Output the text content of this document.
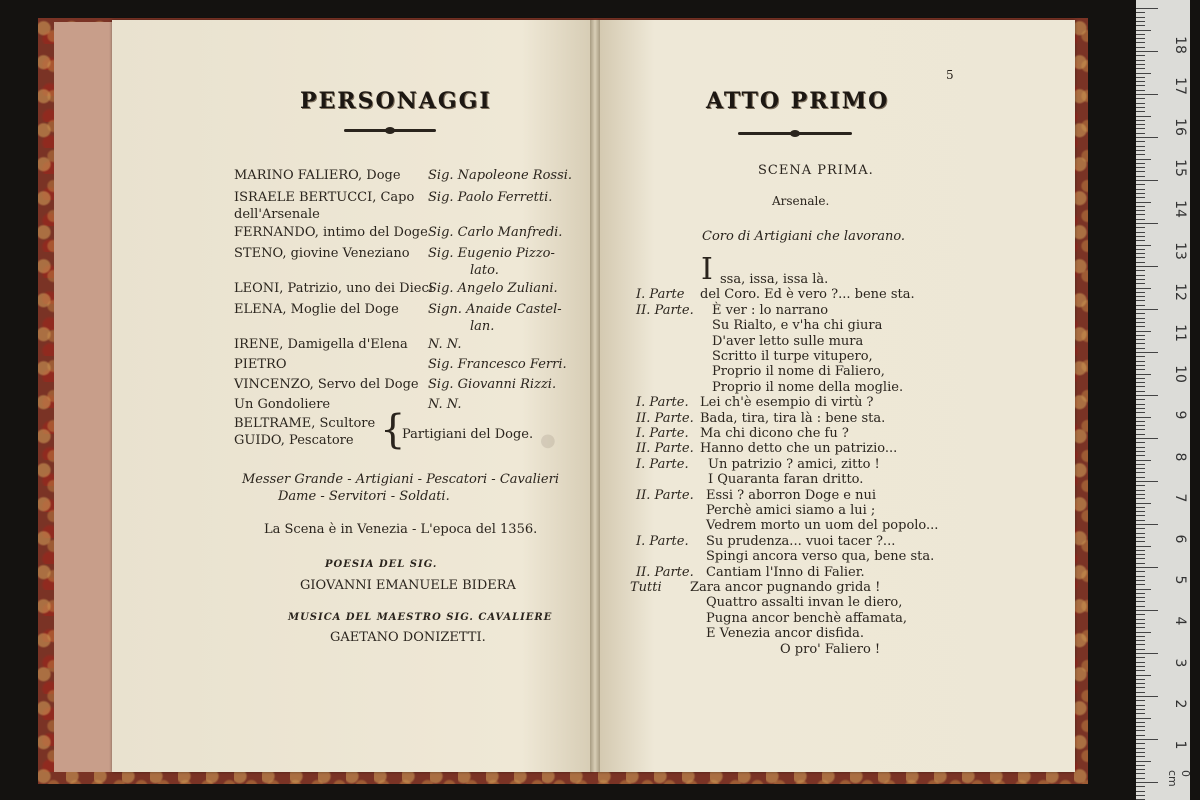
1
2
3
4
5
6
7
8
9
10
11
12
13
14
15
16
17
18
0 cm
PERSONAGGI
MARINO FALIERO, Doge Sig. Napoleone Rossi.
ISRAELE BERTUCCI, Capo
dell'Arsenale
Sig. Paolo Ferretti.
FERNANDO, intimo del Doge Sig. Carlo Manfredi.
STENO, giovine Veneziano Sig. Eugenio Pizzo-
lato.
LEONI, Patrizio, uno dei Dieci
Sig. Angelo Zuliani.
ELENA, Moglie del Doge Sign. Anaide Castel-
lan.
IRENE, Damigella d'Elena N. N.
PIETRO	Sig. Francesco Ferri.
VINCENZO, Servo del Doge Sig. Giovanni Rizzi.
Un Gondoliere	N. N.
BELTRAME, Scultore
GUIDO, Pescatore {
Partigiani del Doge.
Messer Grande - Artigiani - Pescatori - Cavalieri
Dame - Servitori - Soldati.
La Scena è in Venezia - L'epoca del 1356.
POESIA DEL SIG.
GIOVANNI EMANUELE BIDERA
MUSICA DEL MAESTRO SIG. CAVALIERE
GAETANO DONIZETTI.
●
5
ATTO PRIMO
SCENA PRIMA.
Arsenale.
Coro di Artigiani che lavorano.
I ssa, issa, issa là.
I. Parte del Coro. Ed è vero ?... bene sta.
II. Parte. È ver : lo narrano
Su Rialto, e v'ha chi giura
D'aver letto sulle mura
Scritto il turpe vitupero,
Proprio il nome di Faliero,
Proprio il nome della moglie.
I. Parte. Lei ch'è esempio di virtù ?
II. Parte. Bada, tira, tira là : bene sta.
I. Parte. Ma chi dicono che fu ?
II. Parte. Hanno detto che un patrizio...
I. Parte. Un patrizio ? amici, zitto !
I Quaranta faran dritto.
II. Parte. Essi ? aborron Doge e nui
Perchè amici siamo a lui ;
Vedrem morto un uom del popolo...
I. Parte. Su prudenza... vuoi tacer ?...
Spingi ancora verso qua, bene sta.
II. Parte. Cantiam l'Inno di Falier.
Tutti Zara ancor pugnando grida !
Quattro assalti invan le diero,
Pugna ancor benchè affamata,
E Venezia ancor disfida.
O pro' Faliero !
